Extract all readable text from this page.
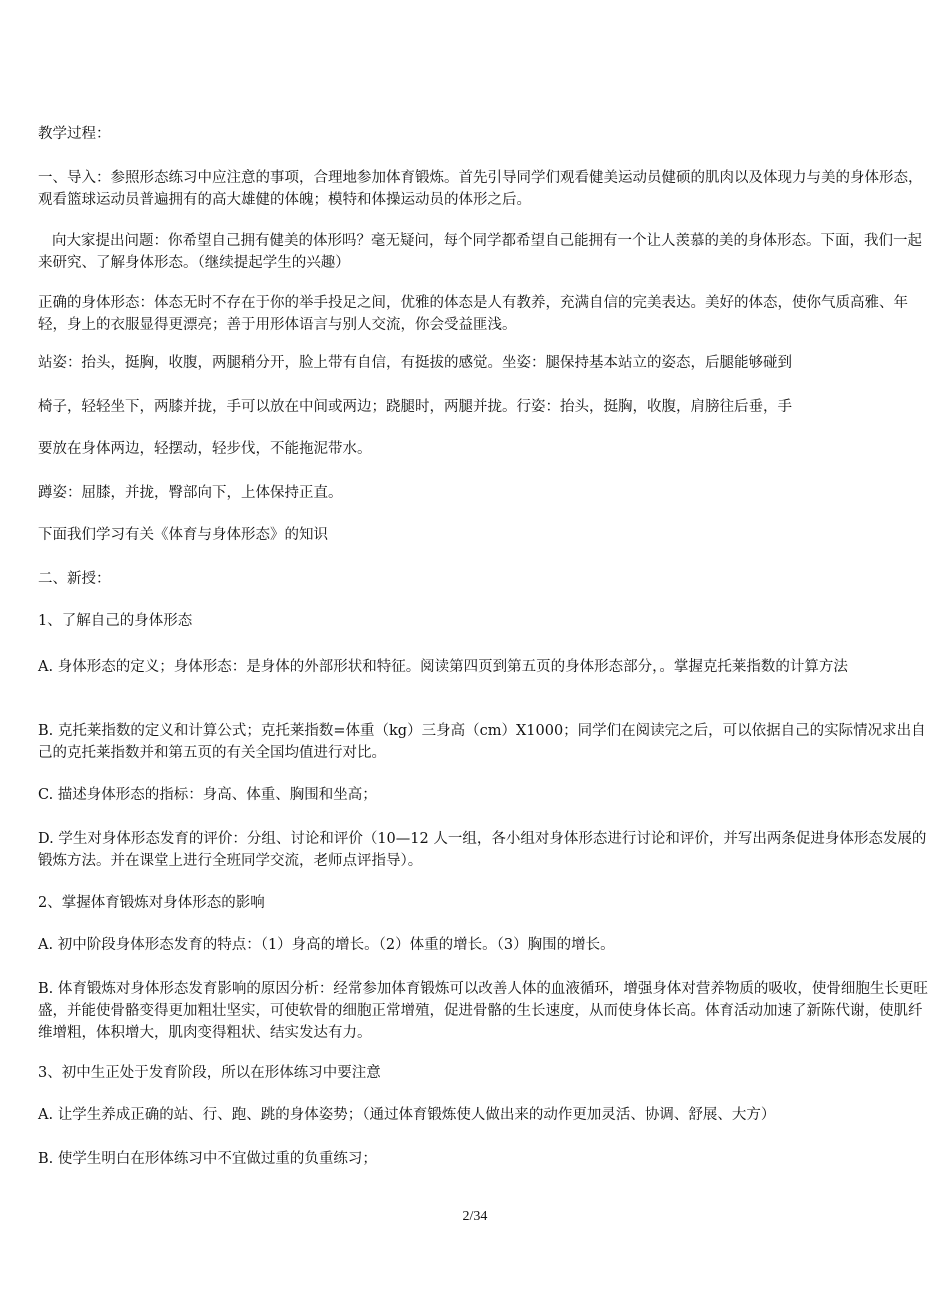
教学过程：

一、导入：参照形态练习中应注意的事项，合理地参加体育锻炼。首先引导同学们观看健美运动员健硕的肌肉以及体现力与美的身体形态，观看篮球运动员普遍拥有的高大雄健的体魄；模特和体操运动员的体形之后。

向大家提出问题：你希望自己拥有健美的体形吗？毫无疑问，每个同学都希望自己能拥有一个让人羡慕的美的身体形态。下面，我们一起来研究、了解身体形态。（继续提起学生的兴趣）

正确的身体形态：体态无时不存在于你的举手投足之间，优雅的体态是人有教养，充满自信的完美表达。美好的体态，使你气质高雅、年轻，身上的衣服显得更漂亮；善于用形体语言与别人交流，你会受益匪浅。

站姿：抬头，挺胸，收腹，两腿稍分开，脸上带有自信，有挺拔的感觉。坐姿：腿保持基本站立的姿态，后腿能够碰到

椅子，轻轻坐下，两膝并拢，手可以放在中间或两边；跷腿时，两腿并拢。行姿：抬头，挺胸，收腹，肩膀往后垂，手

要放在身体两边，轻摆动，轻步伐，不能拖泥带水。

蹲姿：屈膝，并拢，臀部向下，上体保持正直。

下面我们学习有关《体育与身体形态》的知识

二、新授：

1、了解自己的身体形态

A. 身体形态的定义；身体形态：是身体的外部形状和特征。阅读第四页到第五页的身体形态部分，。掌握克托莱指数的计算方法

B. 克托莱指数的定义和计算公式；克托莱指数=体重（kg）三身高（cm）X1000；同学们在阅读完之后，可以依据自己的实际情况求出自己的克托莱指数并和第五页的有关全国均值进行对比。

C. 描述身体形态的指标：身高、体重、胸围和坐高；

D. 学生对身体形态发育的评价：分组、讨论和评价（10—12 人一组，各小组对身体形态进行讨论和评价，并写出两条促进身体形态发展的锻炼方法。并在课堂上进行全班同学交流，老师点评指导）。

2、掌握体育锻炼对身体形态的影响

A. 初中阶段身体形态发育的特点：（1）身高的增长。（2）体重的增长。（3）胸围的增长。

B. 体育锻炼对身体形态发育影响的原因分析：经常参加体育锻炼可以改善人体的血液循环，增强身体对营养物质的吸收，使骨细胞生长更旺盛，并能使骨骼变得更加粗壮坚实，可使软骨的细胞正常增殖，促进骨骼的生长速度，从而使身体长高。体育活动加速了新陈代谢，使肌纤维增粗，体积增大，肌肉变得粗状、结实发达有力。

3、初中生正处于发育阶段，所以在形体练习中要注意

A. 让学生养成正确的站、行、跑、跳的身体姿势；（通过体育锻炼使人做出来的动作更加灵活、协调、舒展、大方）

B. 使学生明白在形体练习中不宜做过重的负重练习；

2/34
